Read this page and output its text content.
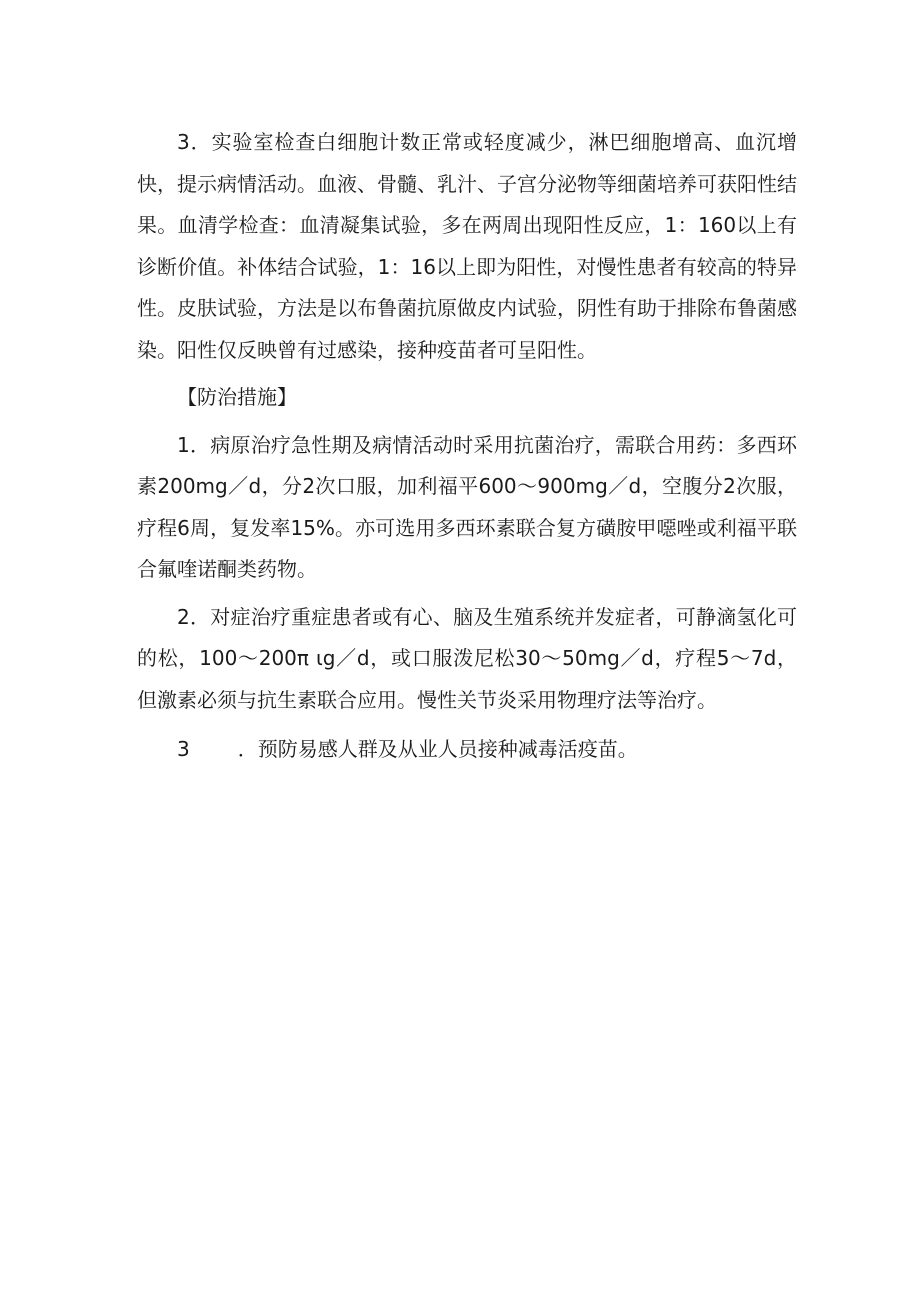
3．实验室检查白细胞计数正常或轻度减少，淋巴细胞增高、血沉增快，提示病情活动。血液、骨髓、乳汁、子宫分泌物等细菌培养可获阳性结果。血清学检查：血清凝集试验，多在两周出现阳性反应，1：160以上有诊断价值。补体结合试验，1：16以上即为阳性，对慢性患者有较高的特异性。皮肤试验，方法是以布鲁菌抗原做皮内试验，阴性有助于排除布鲁菌感染。阳性仅反映曾有过感染，接种疫苗者可呈阳性。

【防治措施】

1．病原治疗急性期及病情活动时采用抗菌治疗，需联合用药：多西环素200mg／d，分2次口服，加利福平600～900mg／d，空腹分2次服，疗程6周，复发率15%。亦可选用多西环素联合复方磺胺甲噁唑或利福平联合氟喹诺酮类药物。

2．对症治疗重症患者或有心、脑及生殖系统并发症者，可静滴氢化可的松，100～200π ιg／d，或口服泼尼松30～50mg／d，疗程5～7d，但激素必须与抗生素联合应用。慢性关节炎采用物理疗法等治疗。

3 ．预防易感人群及从业人员接种减毒活疫苗。
